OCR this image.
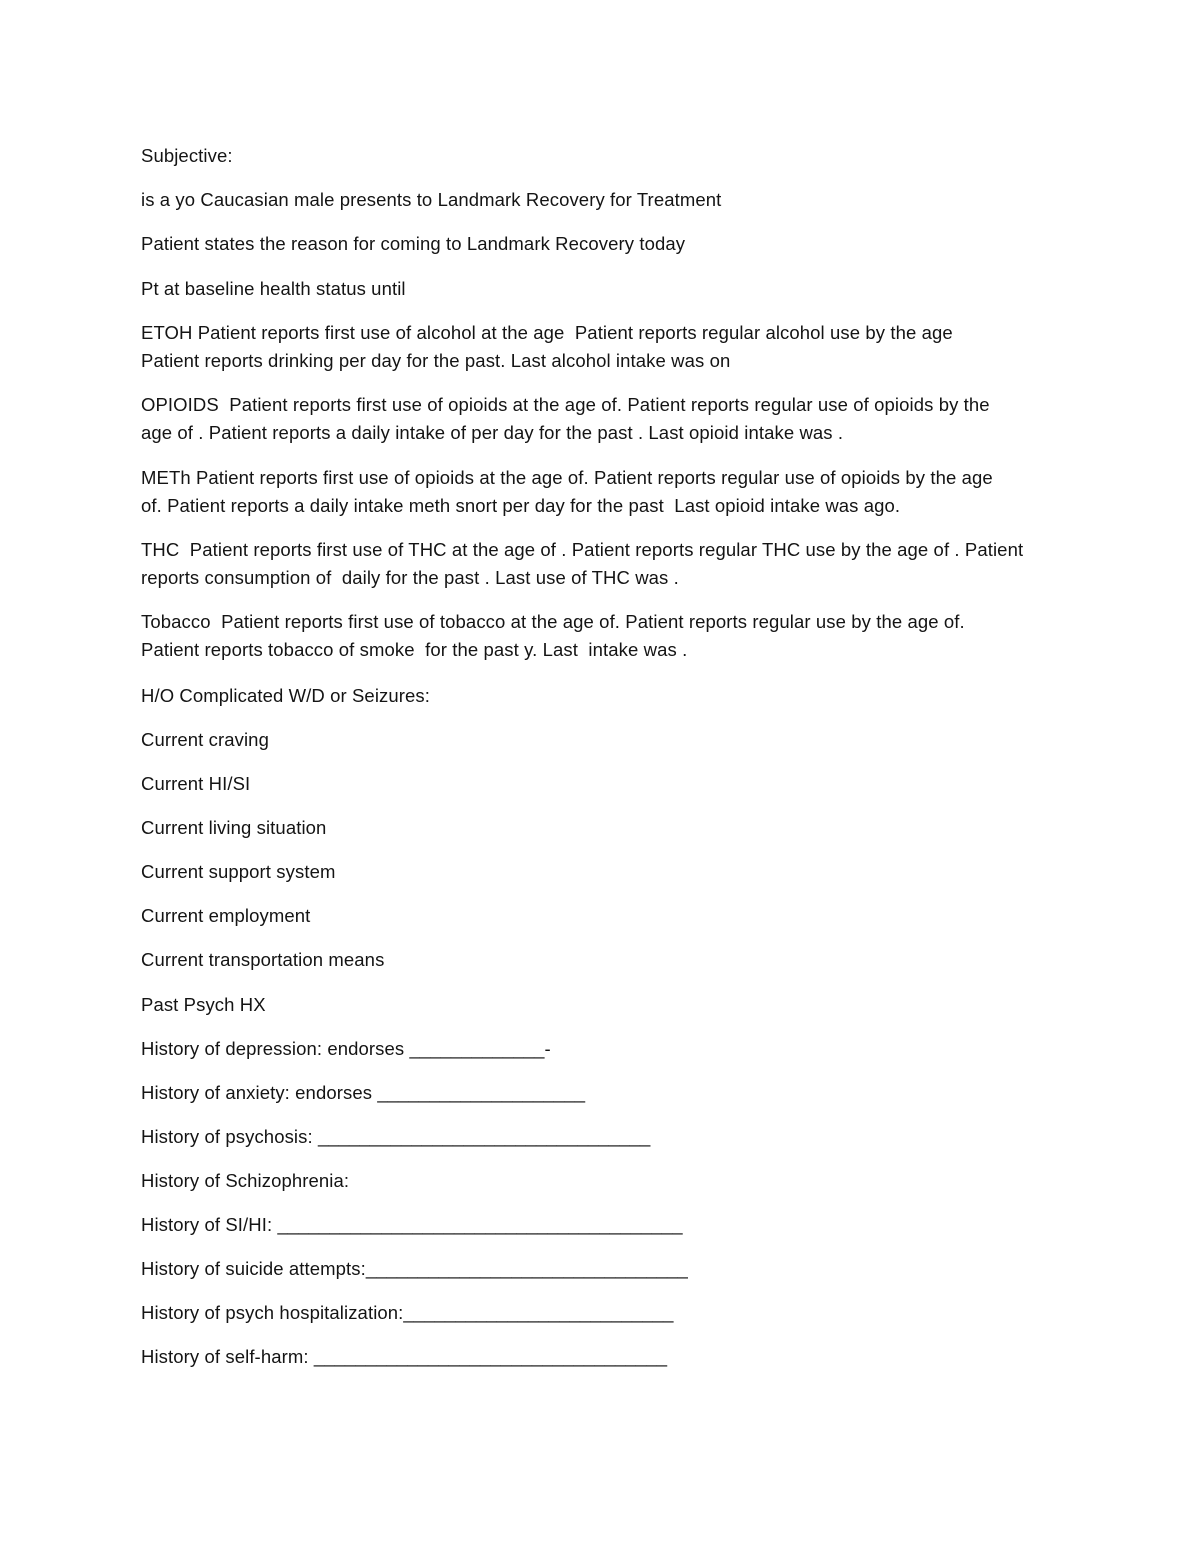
Subjective:
is a yo Caucasian male presents to Landmark Recovery for Treatment
Patient states the reason for coming to Landmark Recovery today
Pt at baseline health status until
ETOH Patient reports first use of alcohol at the age  Patient reports regular alcohol use by the age
Patient reports drinking per day for the past. Last alcohol intake was on
OPIOIDS  Patient reports first use of opioids at the age of. Patient reports regular use of opioids by the
age of . Patient reports a daily intake of per day for the past . Last opioid intake was .
METh Patient reports first use of opioids at the age of. Patient reports regular use of opioids by the age
of. Patient reports a daily intake meth snort per day for the past  Last opioid intake was ago.
THC  Patient reports first use of THC at the age of . Patient reports regular THC use by the age of . Patient
reports consumption of  daily for the past . Last use of THC was .
Tobacco  Patient reports first use of tobacco at the age of. Patient reports regular use by the age of.
Patient reports tobacco of smoke  for the past y. Last  intake was .
H/O Complicated W/D or Seizures:
Current craving
Current HI/SI
Current living situation
Current support system
Current employment
Current transportation means
Past Psych HX
History of depression: endorses _____________-
History of anxiety: endorses ____________________
History of psychosis: ________________________________
History of Schizophrenia:
History of SI/HI: _______________________________________
History of suicide attempts:_______________________________
History of psych hospitalization:__________________________
History of self-harm: __________________________________
